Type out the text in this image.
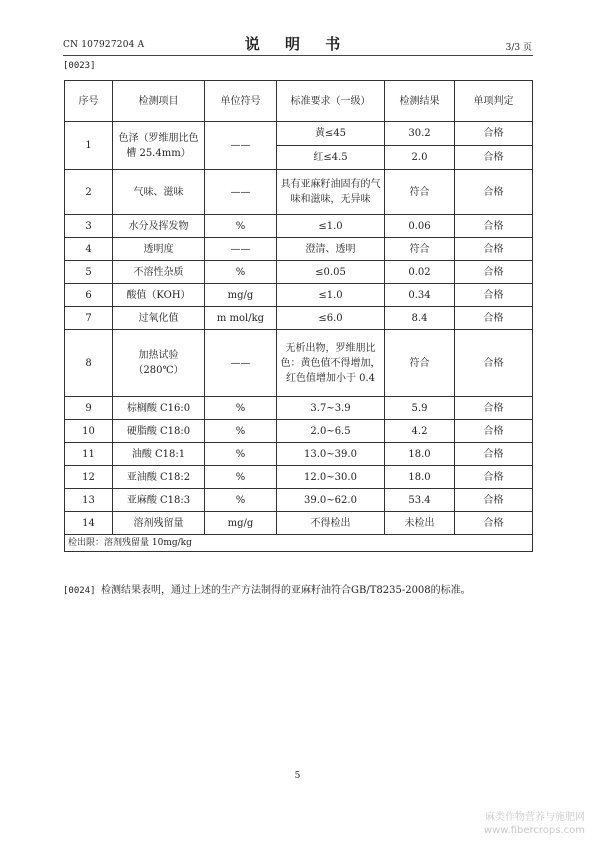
CN 107927204 A	说 明 书	3/3 页
[0023]
序号	检测项目	单位符号	标准要求（一级）	检测结果	单项判定
1	色泽（罗维朋比色槽 25.4mm）	——	黄≤45	30.2	合格
			红≤4.5	2.0	合格
2	气味、滋味	——	具有亚麻籽油固有的气味和滋味，无异味	符合	合格
3	水分及挥发物	%	≤1.0	0.06	合格
4	透明度	——	澄清、透明	符合	合格
5	不溶性杂质	%	≤0.05	0.02	合格
6	酸值（KOH）	mg/g	≤1.0	0.34	合格
7	过氧化值	m mol/kg	≤6.0	8.4	合格
8	加热试验（280℃）	——	无析出物，罗维朋比色：黄色值不得增加，红色值增加小于 0.4	符合	合格
9	棕榈酸 C16:0	%	3.7~3.9	5.9	合格
10	硬脂酸 C18:0	%	2.0~6.5	4.2	合格
11	油酸 C18:1	%	13.0~39.0	18.0	合格
12	亚油酸 C18:2	%	12.0~30.0	18.0	合格
13	亚麻酸 C18:3	%	39.0~62.0	53.4	合格
14	溶剂残留量	mg/g	不得检出	未检出	合格
检出限：溶剂残留量 10mg/kg					
[0024] 检测结果表明，通过上述的生产方法制得的亚麻籽油符合GB/T8235-2008的标准。
5
麻类作物营养与施肥网
www.fibercrops.com
